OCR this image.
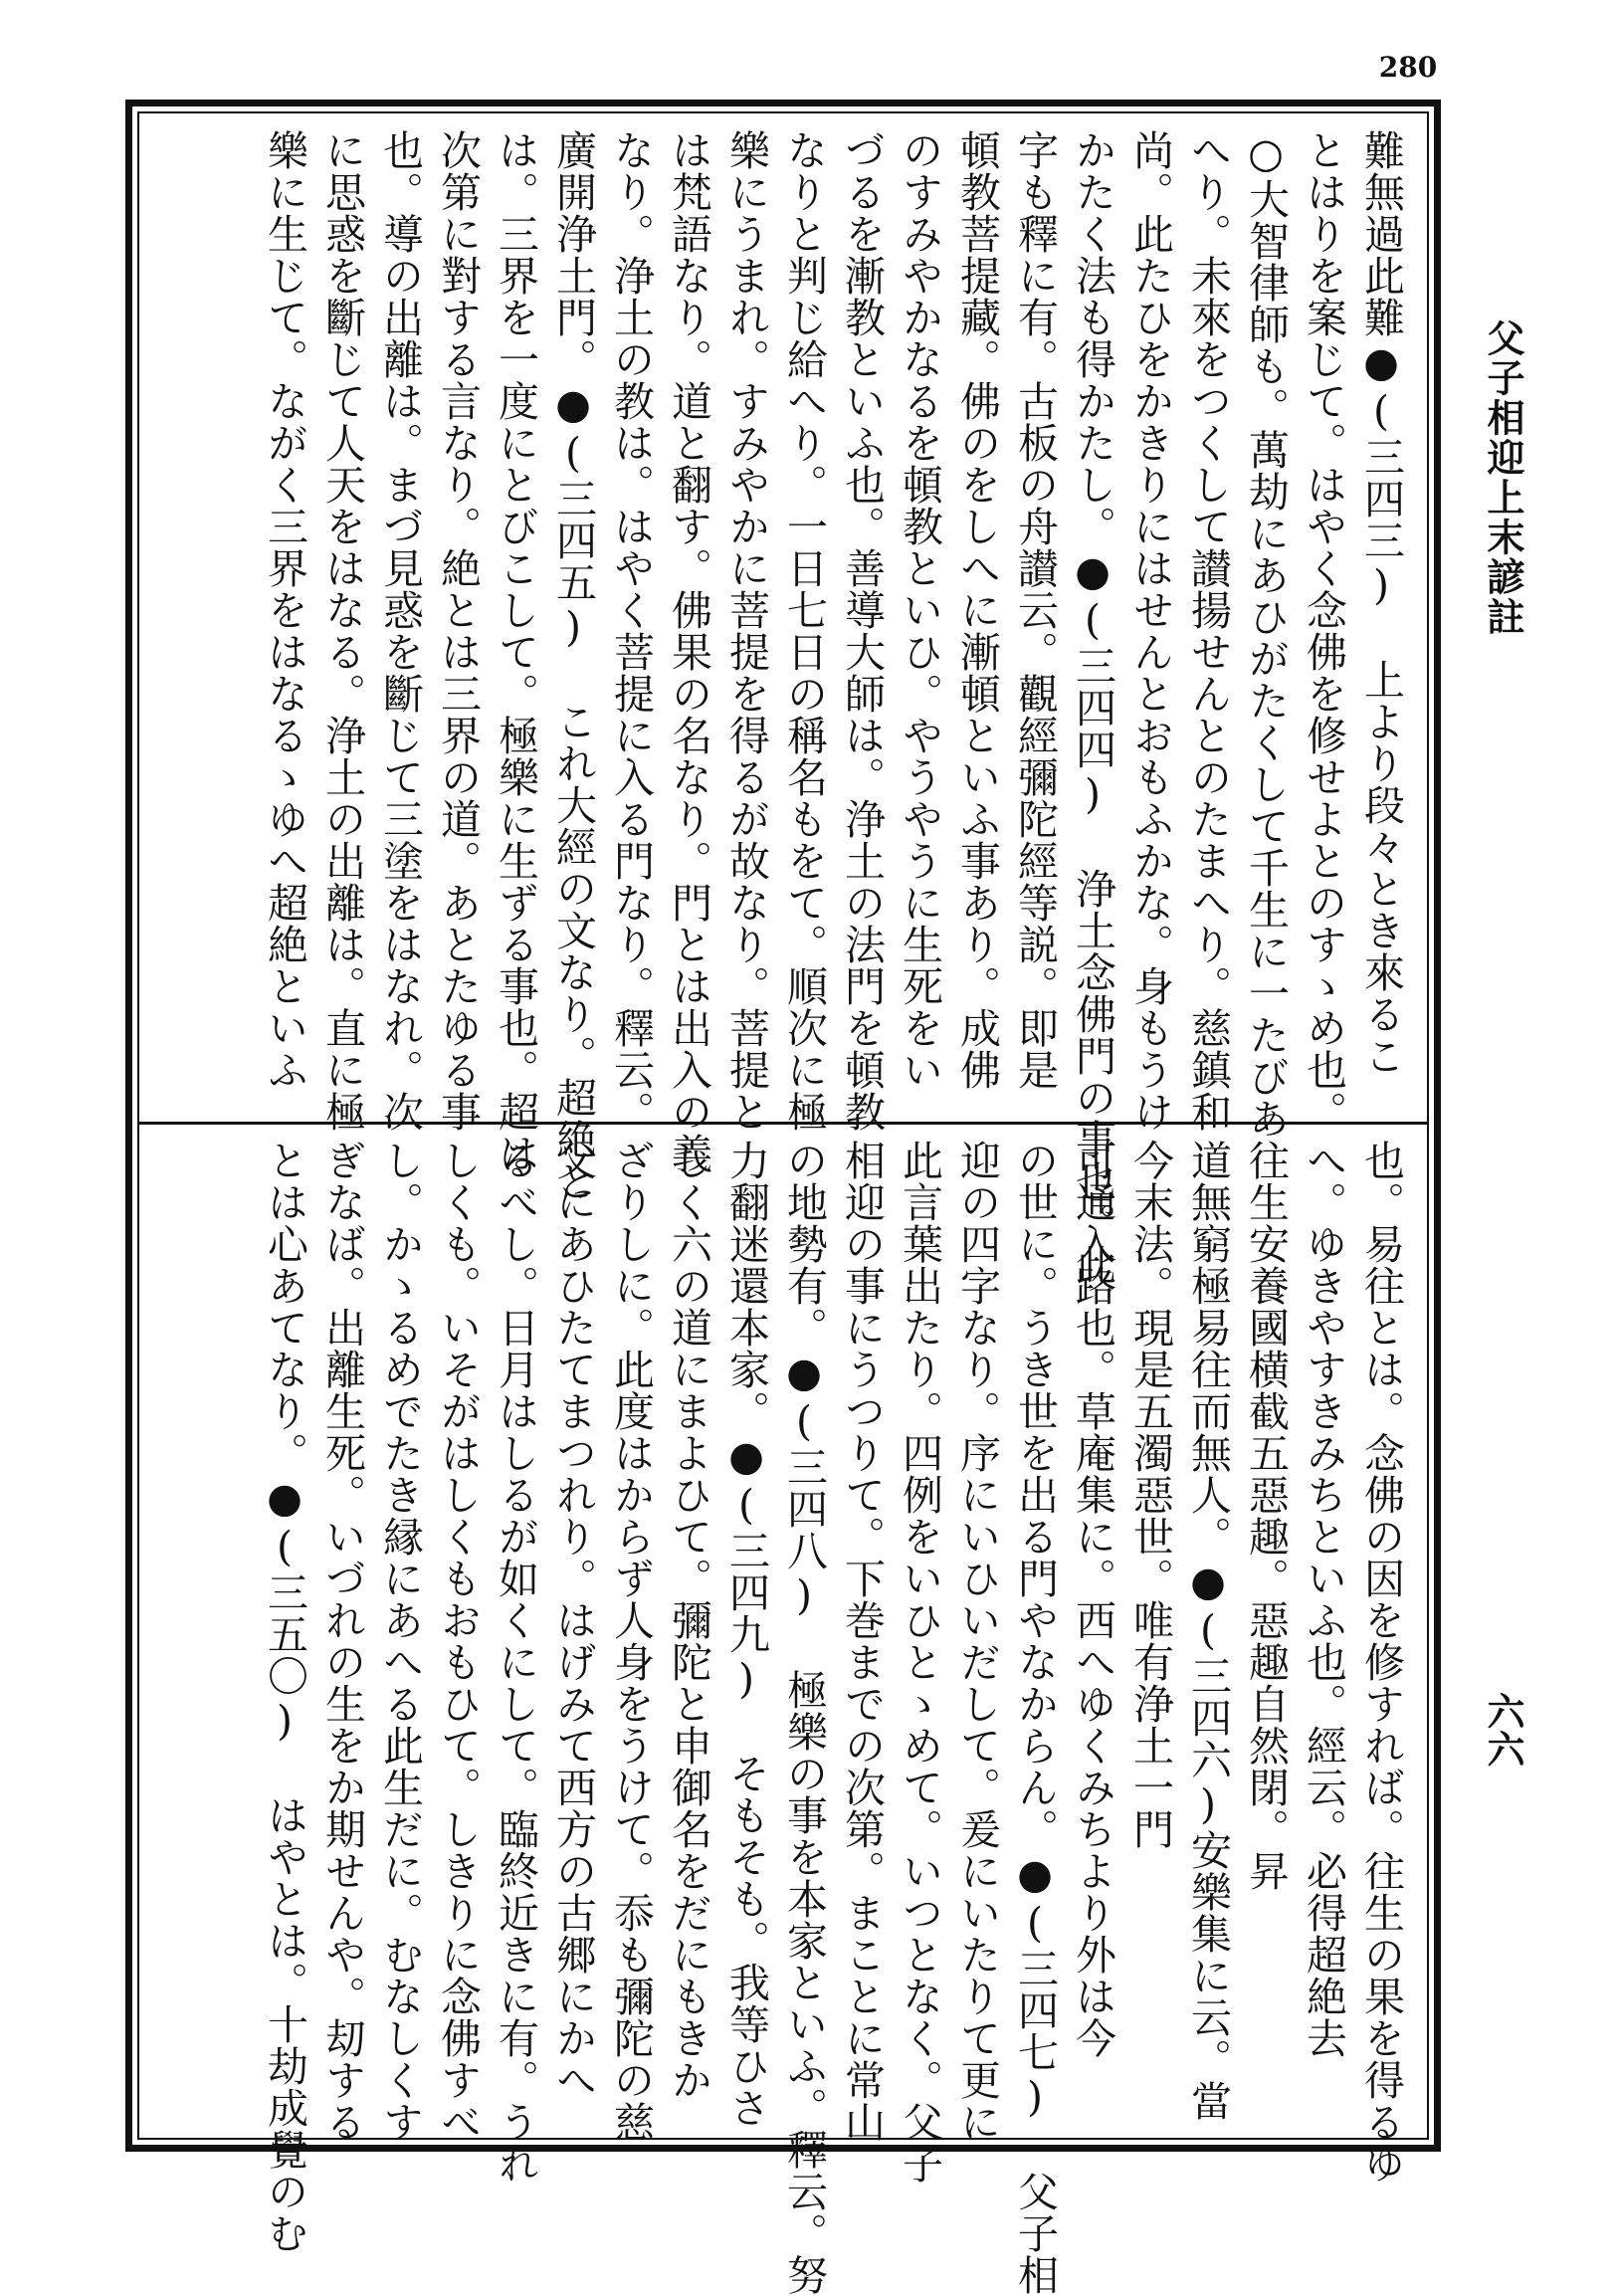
280
難無過此難●(三四三) 上より段々とき來るこ
とはりを案じて。はやく念佛を修せよとのすゝめ也。
○大智律師も。萬劫にあひがたくして千生に一たびあ
へり。未來をつくして讃揚せんとのたまへり。慈鎮和
尚。此たひをかきりにはせんとおもふかな。身もうけ
かたく法も得かたし。●(三四四) 浄土念佛門の事也。此
字も釋に有。古板の舟讃云。觀經彌陀經等説。即是
頓教菩提藏。佛のをしへに漸頓といふ事あり。成佛
のすみやかなるを頓教といひ。やうやうに生死をい
づるを漸教といふ也。善導大師は。浄土の法門を頓教
なりと判じ給へり。一日七日の稱名もをて。順次に極
樂にうまれ。すみやかに菩提を得るが故なり。菩提と
は梵語なり。道と翻す。佛果の名なり。門とは出入の義
なり。浄土の教は。はやく菩提に入る門なり。釋云。
廣開浄土門。●(三四五) これ大經の文なり。超絶と
は。三界を一度にとびこして。極樂に生ずる事也。超は
次第に對する言なり。絶とは三界の道。あとたゆる事
也。導の出離は。まづ見惑を斷じて三塗をはなれ。次
に思惑を斷じて人天をはなる。浄土の出離は。直に極
樂に生じて。ながく三界をはなるゝゆへ超絶といふ
也。易往とは。念佛の因を修すれば。往生の果を得るゆ
へ。ゆきやすきみちといふ也。經云。必得超絶去
往生安養國横截五惡趣。惡趣自然閉。昇
道無窮極易往而無人。●(三四六)安樂集に云。當
今末法。現是五濁惡世。唯有浄土一門
可通入路也。草庵集に。西へゆくみちより外は今
の世に。うき世を出る門やなからん。●(三四七) 父子相
迎の四字なり。序にいひいだして。爰にいたりて更に
此言葉出たり。四例をいひとゝめて。いつとなく。父子
相迎の事にうつりて。下巻までの次第。まことに常山
の地勢有。●(三四八) 極樂の事を本家といふ。釋云。努
力翻迷還本家。●(三四九) そもそも。我等ひさ
しく六の道にまよひて。彌陀と申御名をだにもきか
ざりしに。此度はからず人身をうけて。忝も彌陀の慈
父にあひたてまつれり。はげみて西方の古郷にかへ
るべし。日月はしるが如くにして。臨終近きに有。うれ
しくも。いそがはしくもおもひて。しきりに念佛すべ
し。かゝるめでたき縁にあへる此生だに。むなしくす
ぎなば。出離生死。いづれの生をか期せんや。刧する
とは心あてなり。●(三五〇) はやとは。十劫成覺のむ
父子相迎上末諺註
六六
